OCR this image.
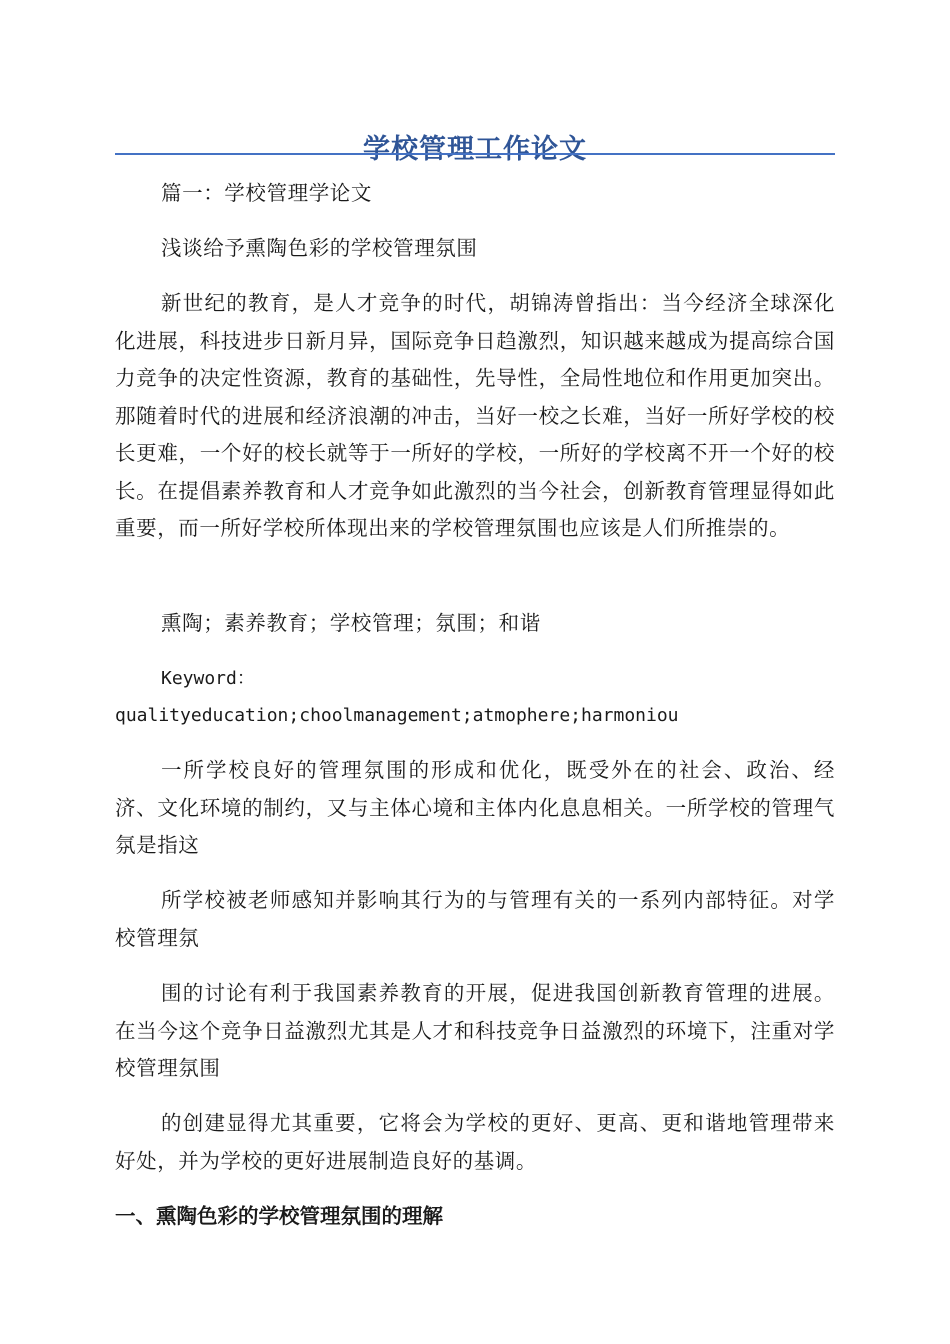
学校管理工作论文

篇一：学校管理学论文

浅谈给予熏陶色彩的学校管理氛围

新世纪的教育，是人才竞争的时代，胡锦涛曾指出：当今经济全球深化化进展，科技进步日新月异，国际竞争日趋激烈，知识越来越成为提高综合国力竞争的决定性资源，教育的基础性，先导性，全局性地位和作用更加突出。那随着时代的进展和经济浪潮的冲击，当好一校之长难，当好一所好学校的校长更难，一个好的校长就等于一所好的学校，一所好的学校离不开一个好的校长。在提倡素养教育和人才竞争如此激烈的当今社会，创新教育管理显得如此重要，而一所好学校所体现出来的学校管理氛围也应该是人们所推崇的。

熏陶；素养教育；学校管理；氛围；和谐

Keyword：

qualityeducation;choolmanagement;atmophere;harmoniou

一所学校良好的管理氛围的形成和优化，既受外在的社会、政治、经济、文化环境的制约，又与主体心境和主体内化息息相关。一所学校的管理气氛是指这

所学校被老师感知并影响其行为的与管理有关的一系列内部特征。对学校管理氛

围的讨论有利于我国素养教育的开展，促进我国创新教育管理的进展。在当今这个竞争日益激烈尤其是人才和科技竞争日益激烈的环境下，注重对学校管理氛围

的创建显得尤其重要，它将会为学校的更好、更高、更和谐地管理带来好处，并为学校的更好进展制造良好的基调。

一、熏陶色彩的学校管理氛围的理解
